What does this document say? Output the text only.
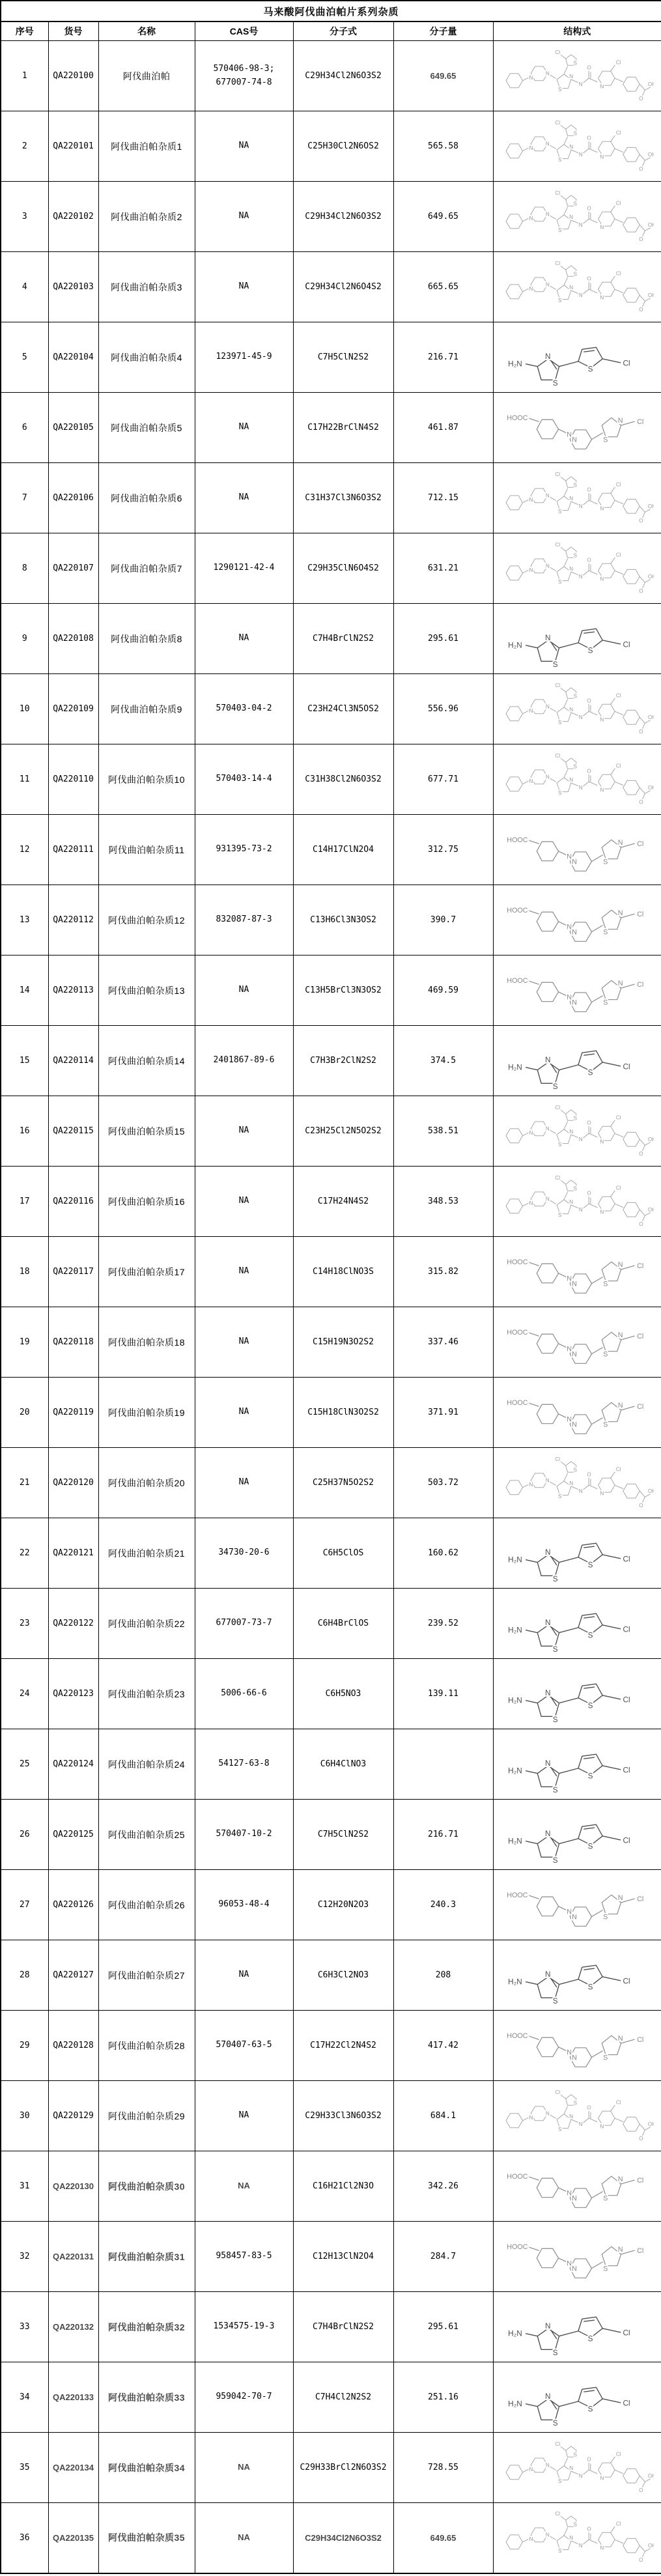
马来酸阿伐曲泊帕片系列杂质						
序号	货号	名称	CAS号	分子式	分子量	结构式
1	QA220100	阿伐曲泊帕	570406-98-3; 677007-74-8	C29H34Cl2N6O3S2	649.65	

2	QA220101	阿伐曲泊帕杂质1	NA	C25H30Cl2N6OS2	565.58	

3	QA220102	阿伐曲泊帕杂质2	NA	C29H34Cl2N6O3S2	649.65	

4	QA220103	阿伐曲泊帕杂质3	NA	C29H34Cl2N6O4S2	665.65	

5	QA220104	阿伐曲泊帕杂质4	123971-45-9	C7H5ClN2S2	216.71	

6	QA220105	阿伐曲泊帕杂质5	NA	C17H22BrClN4S2	461.87	

7	QA220106	阿伐曲泊帕杂质6	NA	C31H37Cl3N6O3S2	712.15	

8	QA220107	阿伐曲泊帕杂质7	1290121-42-4	C29H35ClN6O4S2	631.21	

9	QA220108	阿伐曲泊帕杂质8	NA	C7H4BrClN2S2	295.61	

10	QA220109	阿伐曲泊帕杂质9	570403-04-2	C23H24Cl3N5OS2	556.96	

11	QA220110	阿伐曲泊帕杂质10	570403-14-4	C31H38Cl2N6O3S2	677.71	

12	QA220111	阿伐曲泊帕杂质11	931395-73-2	C14H17ClN2O4	312.75	

13	QA220112	阿伐曲泊帕杂质12	832087-87-3	C13H6Cl3N3OS2	390.7	

14	QA220113	阿伐曲泊帕杂质13	NA	C13H5BrCl3N3OS2	469.59	

15	QA220114	阿伐曲泊帕杂质14	2401867-89-6	C7H3Br2ClN2S2	374.5	

16	QA220115	阿伐曲泊帕杂质15	NA	C23H25Cl2N5O2S2	538.51	

17	QA220116	阿伐曲泊帕杂质16	NA	C17H24N4S2	348.53	

18	QA220117	阿伐曲泊帕杂质17	NA	C14H18ClNO3S	315.82	

19	QA220118	阿伐曲泊帕杂质18	NA	C15H19N3O2S2	337.46	

20	QA220119	阿伐曲泊帕杂质19	NA	C15H18ClN3O2S2	371.91	

21	QA220120	阿伐曲泊帕杂质20	NA	C25H37N5O2S2	503.72	

22	QA220121	阿伐曲泊帕杂质21	34730-20-6	C6H5ClOS	160.62	

23	QA220122	阿伐曲泊帕杂质22	677007-73-7	C6H4BrClOS	239.52	

24	QA220123	阿伐曲泊帕杂质23	5006-66-6	C6H5NO3	139.11	

25	QA220124	阿伐曲泊帕杂质24	54127-63-8	C6H4ClNO3		

26	QA220125	阿伐曲泊帕杂质25	570407-10-2	C7H5ClN2S2	216.71	

27	QA220126	阿伐曲泊帕杂质26	96053-48-4	C12H20N2O3	240.3	

28	QA220127	阿伐曲泊帕杂质27	NA	C6H3Cl2NO3	208	

29	QA220128	阿伐曲泊帕杂质28	570407-63-5	C17H22Cl2N4S2	417.42	

30	QA220129	阿伐曲泊帕杂质29	NA	C29H33Cl3N6O3S2	684.1	

31	QA220130	阿伐曲泊帕杂质30	NA	C16H21Cl2N3O	342.26	

32	QA220131	阿伐曲泊帕杂质31	958457-83-5	C12H13ClN2O4	284.7	

33	QA220132	阿伐曲泊帕杂质32	1534575-19-3	C7H4BrClN2S2	295.61	

34	QA220133	阿伐曲泊帕杂质33	959042-70-7	C7H4Cl2N2S2	251.16	

35	QA220134	阿伐曲泊帕杂质34	NA	C29H33BrCl2N6O3S2	728.55	

36	QA220135	阿伐曲泊帕杂质35	NA	C29H34Cl2N6O3S2	649.65	
